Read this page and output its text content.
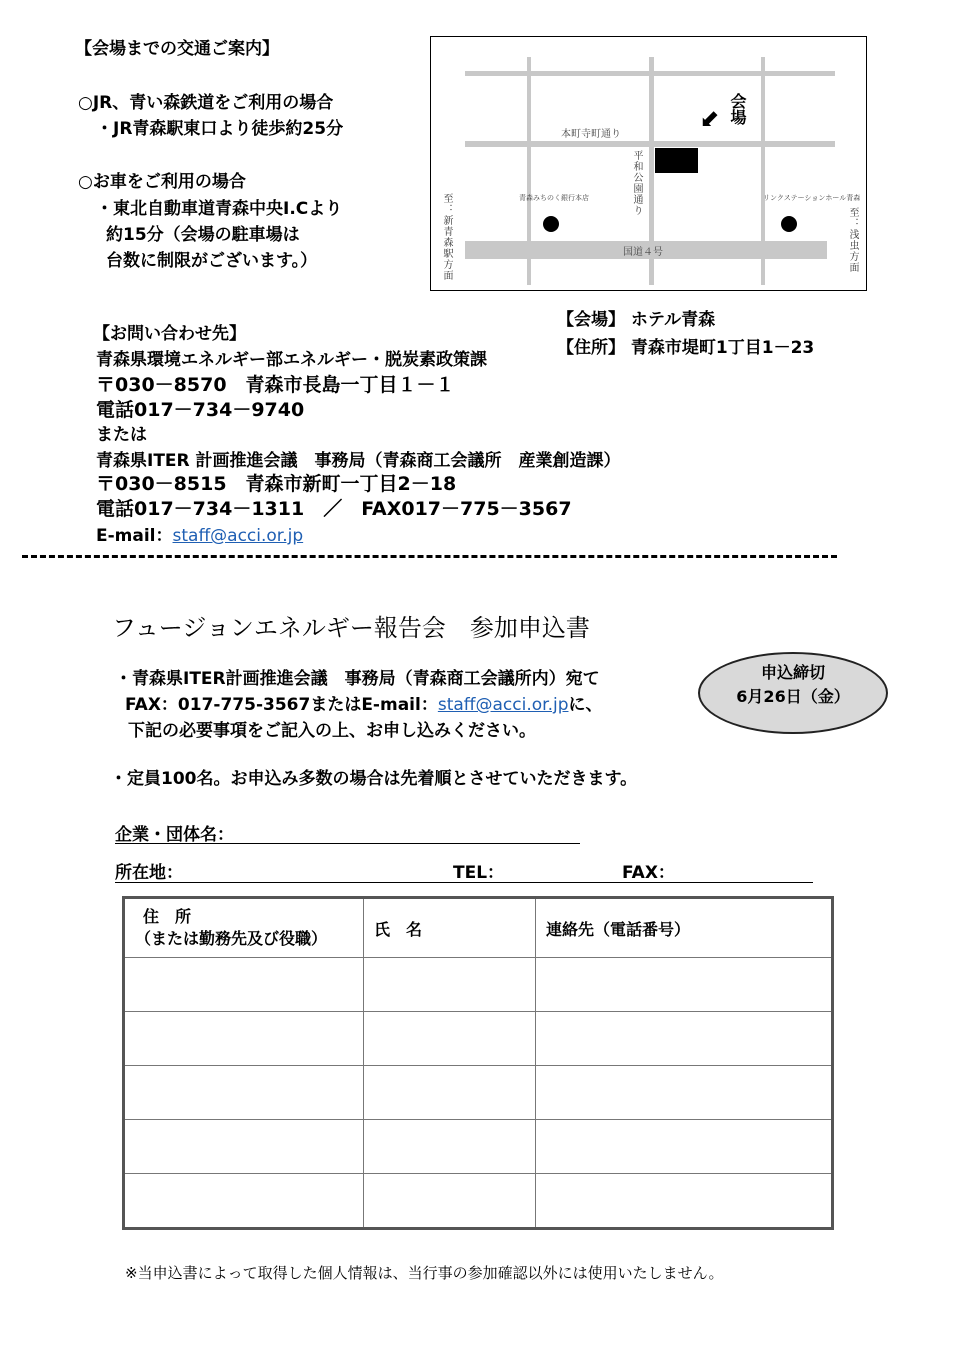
【会場までの交通ご案内】
○JR、青い森鉄道をご利用の場合
・JR青森駅東口より徒歩約25分
○お車をご利用の場合
・東北自動車道青森中央I.Cより
約15分（会場の駐車場は
台数に制限がございます。）
本町寺町通り
平和公園通り
国道４号
⬅ 会場
青森みちのく銀行本店	リンクステーションホール青森
至：新青森駅方面	至：浅虫方面
【会場】 ホテル青森
【住所】 青森市堤町1丁目1－23
【お問い合わせ先】
青森県環境エネルギー部エネルギー・脱炭素政策課
〒030－8570　青森市長島一丁目１－１
電話017－734－9740
または
青森県ITER 計画推進会議　事務局（青森商工会議所　産業創造課）
〒030－8515　青森市新町一丁目2－18
電話017－734－1311　／　FAX017－775－3567
E-mail：staff@acci.or.jp
フュージョンエネルギー報告会　参加申込書
申込締切
6月26日（金）
・青森県ITER計画推進会議　事務局（青森商工会議所内）宛て
FAX：017-775-3567またはE-mail：staff@acci.or.jpに、
下記の必要事項をご記入の上、お申し込みください。
・定員100名。お申込み多数の場合は先着順とさせていただきます。
企業・団体名：
所在地：	TEL：	FAX：
住　所
（または勤務先及び役職）	氏　名	連絡先（電話番号）

※当申込書によって取得した個人情報は、当行事の参加確認以外には使用いたしません。
